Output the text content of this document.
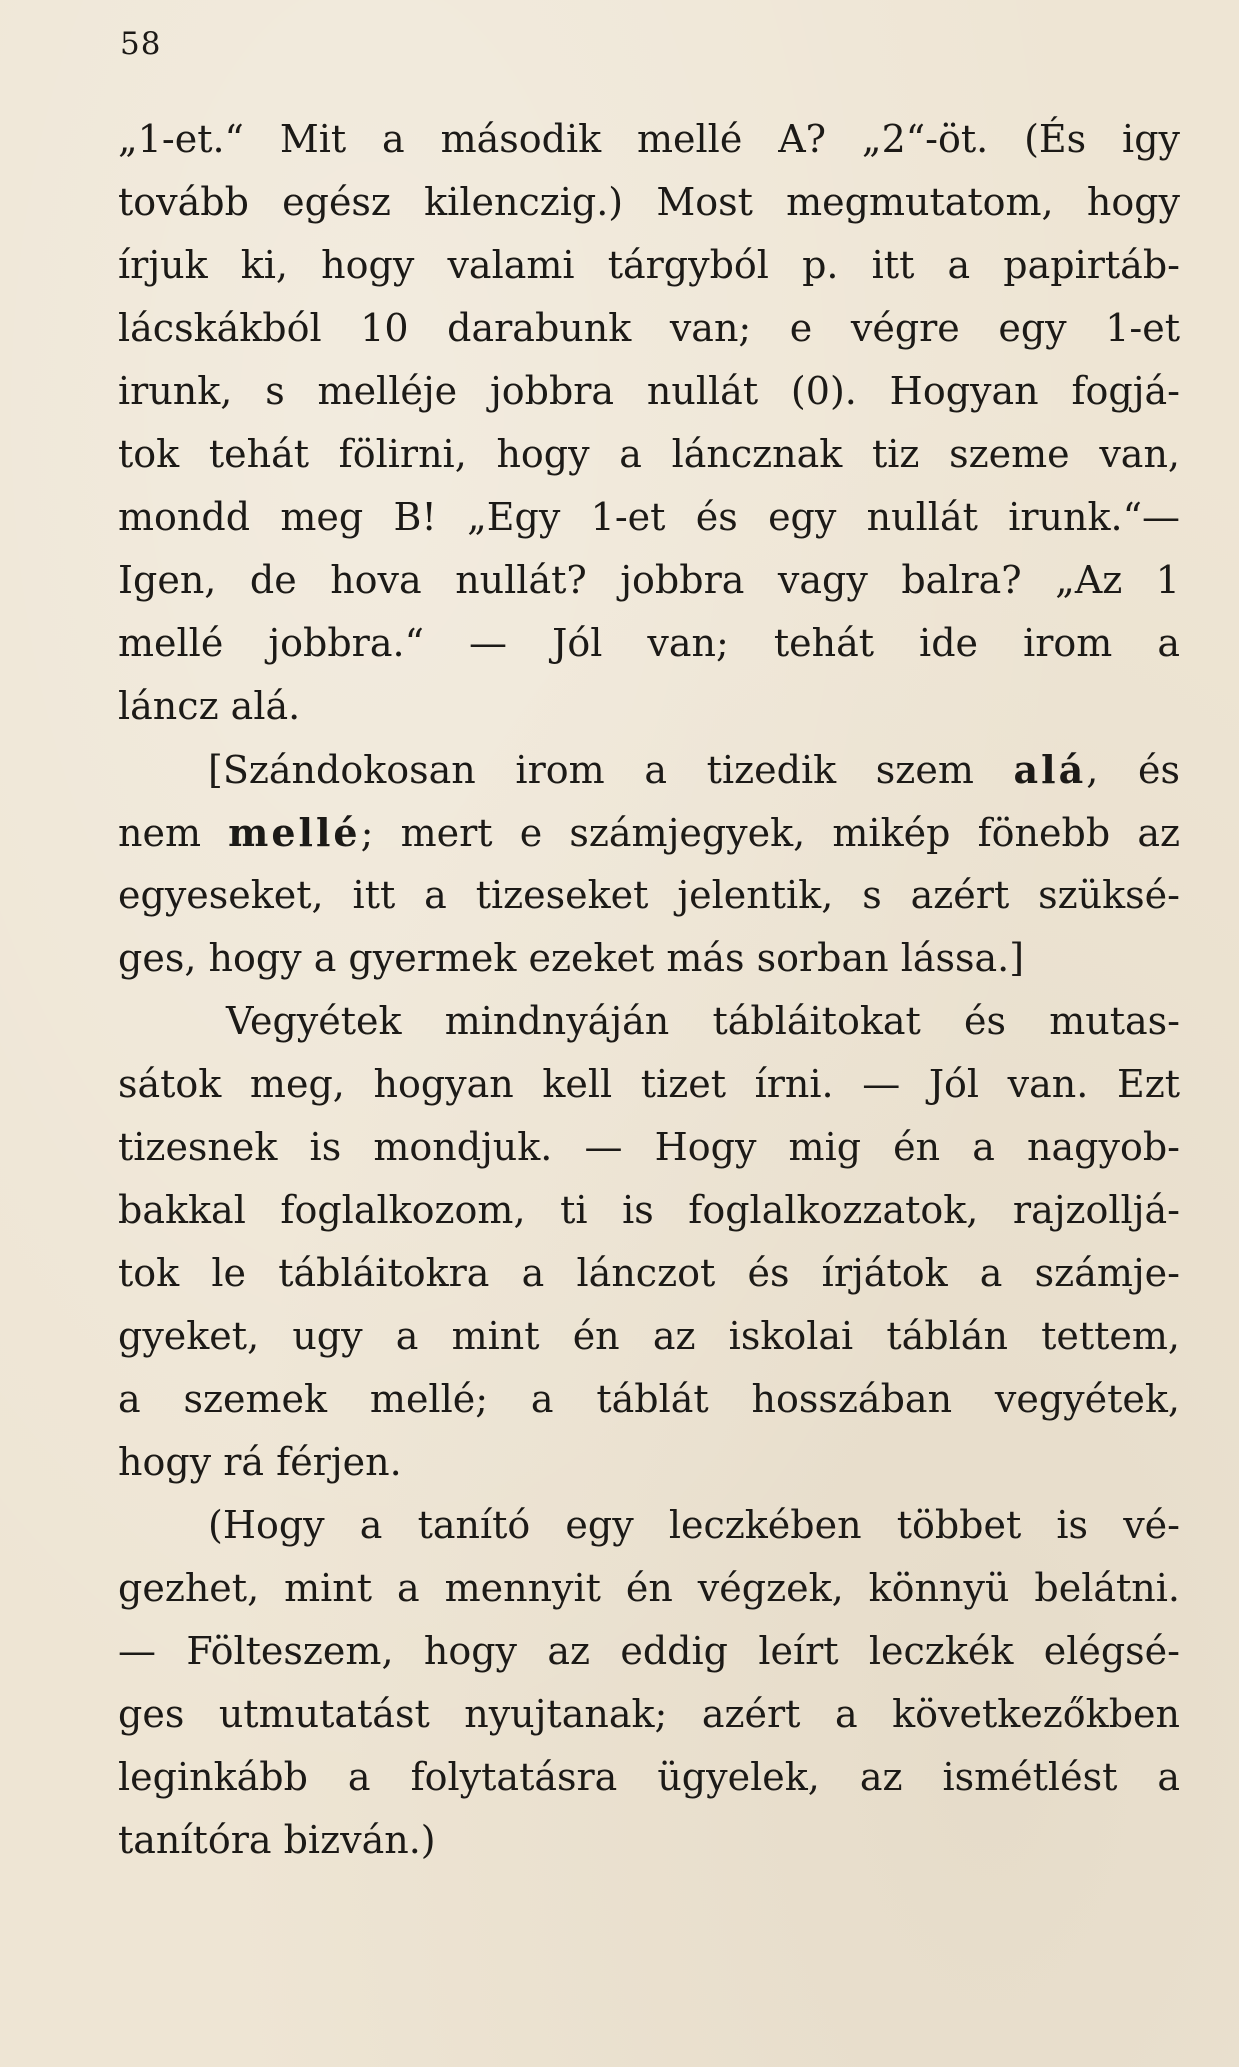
58
„1-et.“ Mit a második mellé A? „2“-öt. (És igy
tovább egész kilenczig.) Most megmutatom, hogy
írjuk ki, hogy valami tárgyból p. itt a papirtáb-
lácskákból 10 darabunk van; e végre egy 1-et
irunk, s melléje jobbra nullát (0). Hogyan fogjá-
tok tehát fölirni, hogy a láncznak tiz szeme van,
mondd meg B! „Egy 1-et és egy nullát irunk.“—
Igen, de hova nullát? jobbra vagy balra? „Az 1
mellé jobbra.“ — Jól van; tehát ide irom a
láncz alá.
[Szándokosan irom a tizedik szem alá, és
nem mellé; mert e számjegyek, mikép fönebb az
egyeseket, itt a tizeseket jelentik, s azért szüksé-
ges, hogy a gyermek ezeket más sorban lássa.]
Vegyétek mindnyáján tábláitokat és mutas-
sátok meg, hogyan kell tizet írni. — Jól van. Ezt
tizesnek is mondjuk. — Hogy mig én a nagyob-
bakkal foglalkozom, ti is foglalkozzatok, rajzolljá-
tok le tábláitokra a lánczot és írjátok a számje-
gyeket, ugy a mint én az iskolai táblán tettem,
a szemek mellé; a táblát hosszában vegyétek,
hogy rá férjen.
(Hogy a tanító egy leczkében többet is vé-
gezhet, mint a mennyit én végzek, könnyü belátni.
— Fölteszem, hogy az eddig leírt leczkék elégsé-
ges utmutatást nyujtanak; azért a következőkben
leginkább a folytatásra ügyelek, az ismétlést a
tanítóra bizván.)
